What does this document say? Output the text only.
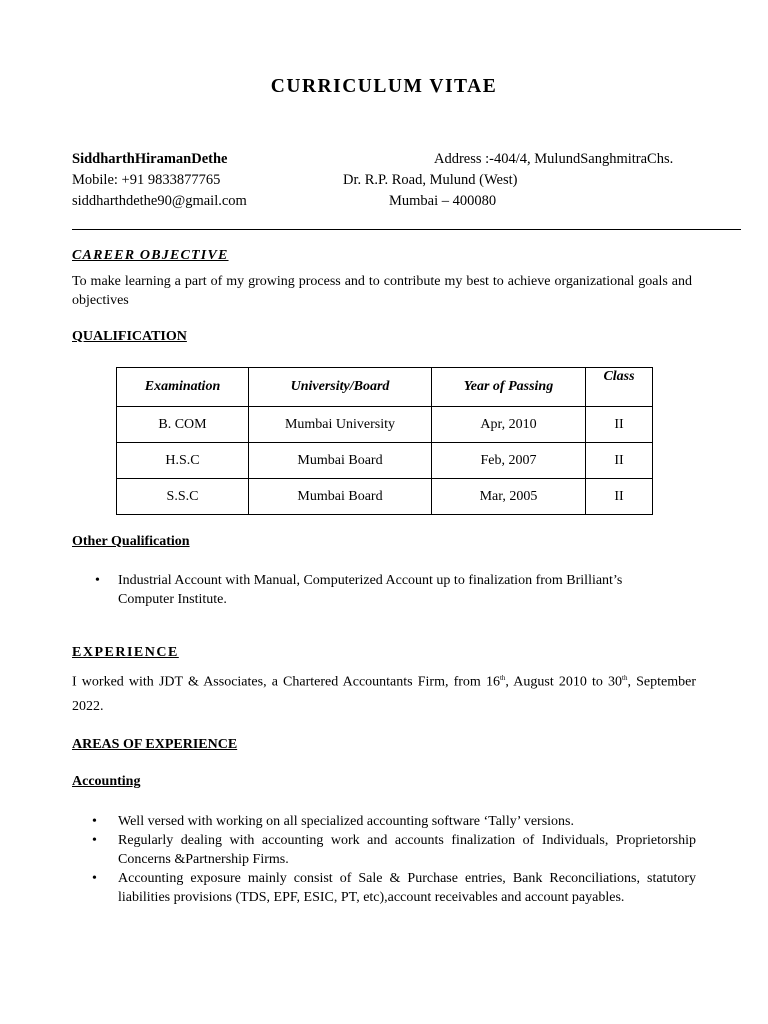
CURRICULUM VITAE
SiddharthHiramanDethe
Mobile: +91 9833877765
siddharthdethe90@gmail.com
Address :-404/4, MulundSanghmitraChs.
Dr. R.P. Road, Mulund (West)
Mumbai – 400080
CAREER OBJECTIVE
To make learning a part of my growing process and to contribute my best to achieve organizational goals and objectives
QUALIFICATION
Examination	University/Board	Year of Passing	Class
B. COM	Mumbai University	Apr, 2010	II
H.S.C	Mumbai Board	Feb, 2007	II
S.S.C	Mumbai Board	Mar, 2005	II
Other Qualification
• Industrial Account with Manual, Computerized Account up to finalization from Brilliant’s Computer Institute.
EXPERIENCE
I worked with JDT & Associates, a Chartered Accountants Firm, from 16th, August 2010 to 30th, September 2022.
AREAS OF EXPERIENCE
Accounting
• Well versed with working on all specialized accounting software ‘Tally’ versions.
• Regularly dealing with accounting work and accounts finalization of Individuals, Proprietorship Concerns &Partnership Firms.
• Accounting exposure mainly consist of Sale & Purchase entries, Bank Reconciliations, statutory liabilities provisions (TDS, EPF, ESIC, PT, etc),account receivables and account payables.
